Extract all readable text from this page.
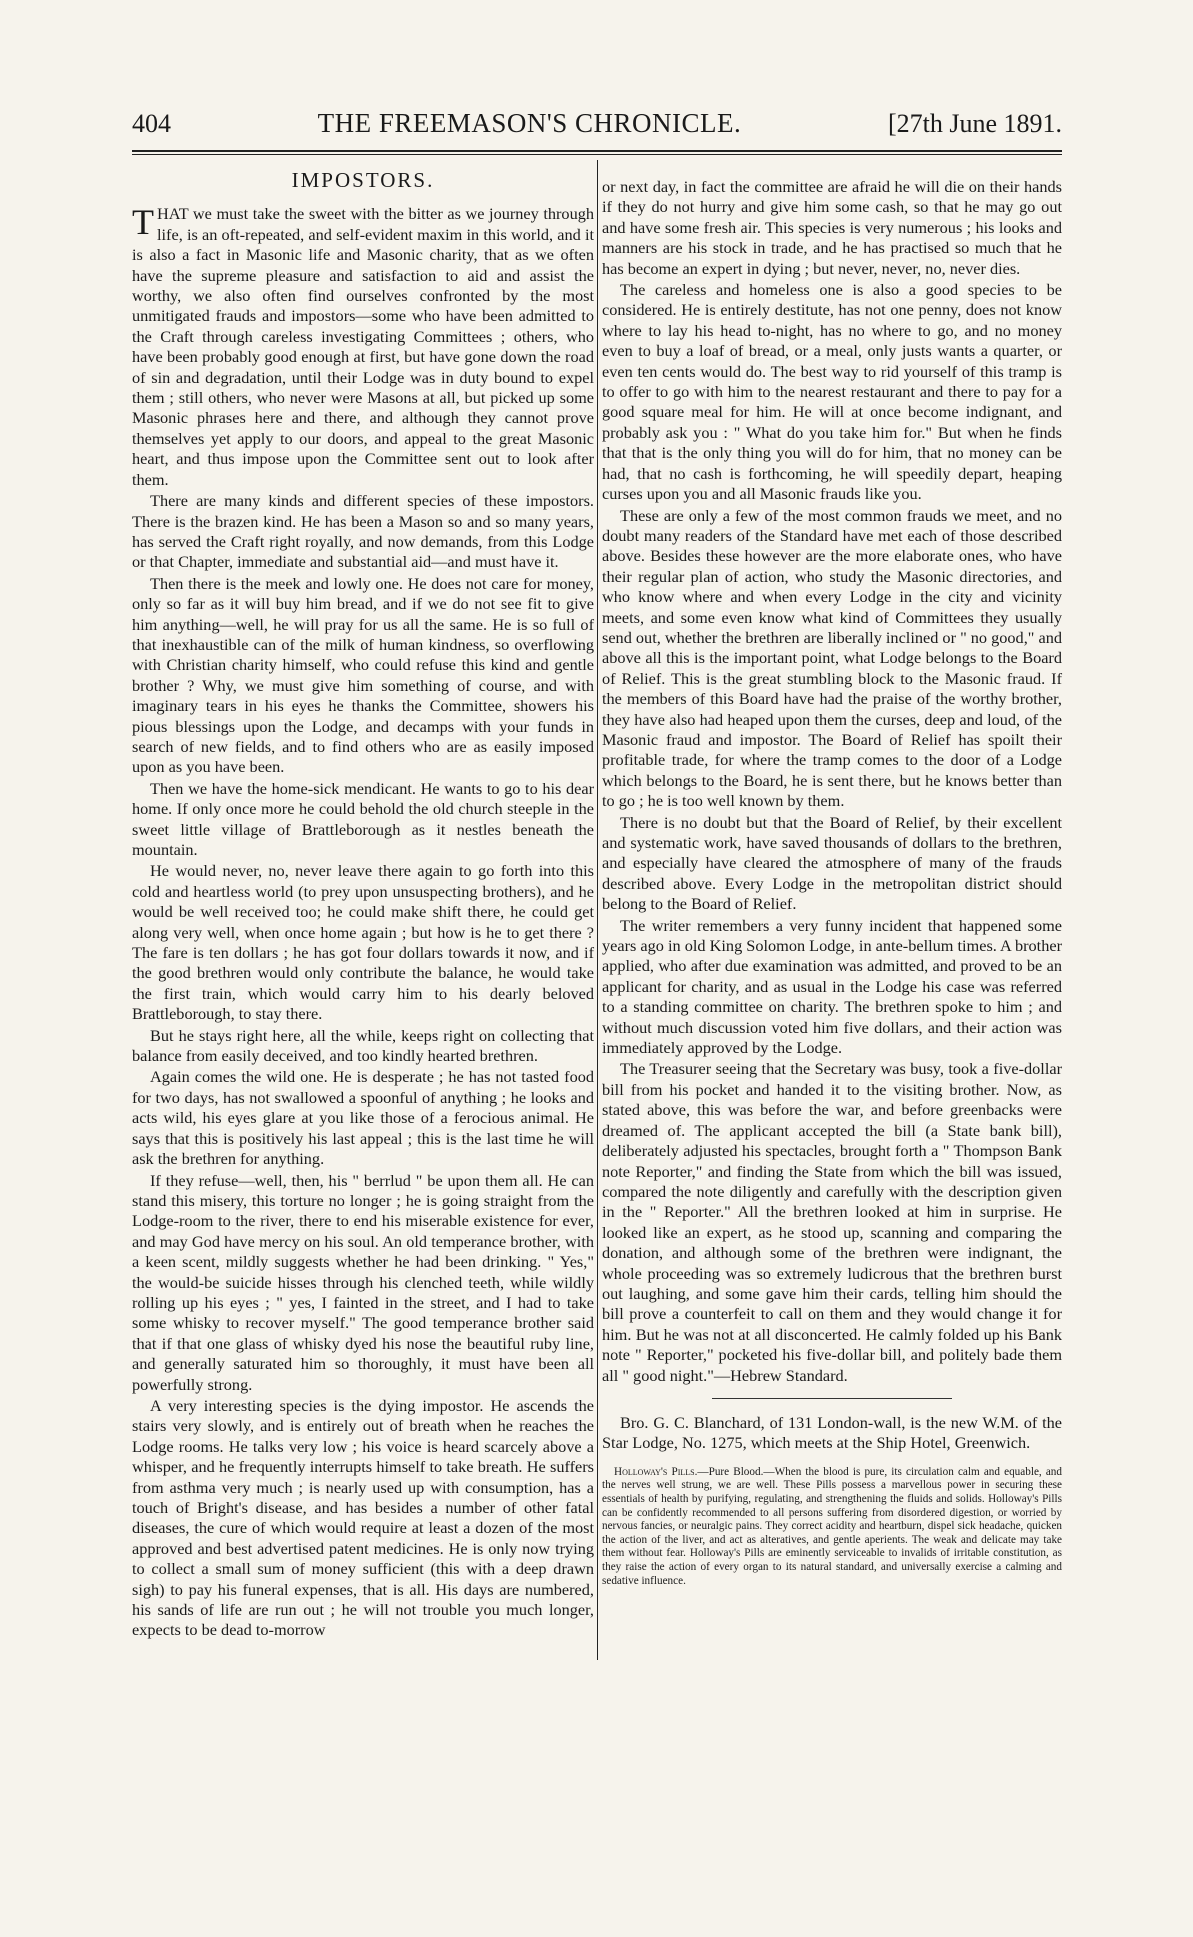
404	THE FREEMASON'S CHRONICLE.	[27th June 1891.
IMPOSTORS.

THAT we must take the sweet with the bitter as we journey through life, is an oft-repeated, and self-evident maxim in this world, and it is also a fact in Masonic life and Masonic charity, that as we often have the supreme pleasure and satisfaction to aid and assist the worthy, we also often find ourselves confronted by the most unmitigated frauds and impostors—some who have been admitted to the Craft through careless investigating Committees ; others, who have been probably good enough at first, but have gone down the road of sin and degradation, until their Lodge was in duty bound to expel them ; still others, who never were Masons at all, but picked up some Masonic phrases here and there, and although they cannot prove themselves yet apply to our doors, and appeal to the great Masonic heart, and thus impose upon the Committee sent out to look after them.

There are many kinds and different species of these impostors. There is the brazen kind. He has been a Mason so and so many years, has served the Craft right royally, and now demands, from this Lodge or that Chapter, immediate and substantial aid—and must have it.

Then there is the meek and lowly one. He does not care for money, only so far as it will buy him bread, and if we do not see fit to give him anything—well, he will pray for us all the same. He is so full of that inexhaustible can of the milk of human kindness, so overflowing with Christian charity himself, who could refuse this kind and gentle brother ? Why, we must give him something of course, and with imaginary tears in his eyes he thanks the Committee, showers his pious blessings upon the Lodge, and decamps with your funds in search of new fields, and to find others who are as easily imposed upon as you have been.

Then we have the home-sick mendicant. He wants to go to his dear home. If only once more he could behold the old church steeple in the sweet little village of Brattleborough as it nestles beneath the mountain.

He would never, no, never leave there again to go forth into this cold and heartless world (to prey upon unsuspecting brothers), and he would be well received too; he could make shift there, he could get along very well, when once home again ; but how is he to get there ? The fare is ten dollars ; he has got four dollars towards it now, and if the good brethren would only contribute the balance, he would take the first train, which would carry him to his dearly beloved Brattleborough, to stay there.

But he stays right here, all the while, keeps right on collecting that balance from easily deceived, and too kindly hearted brethren.

Again comes the wild one. He is desperate ; he has not tasted food for two days, has not swallowed a spoonful of anything ; he looks and acts wild, his eyes glare at you like those of a ferocious animal. He says that this is positively his last appeal ; this is the last time he will ask the brethren for anything.

If they refuse—well, then, his " berrlud " be upon them all. He can stand this misery, this torture no longer ; he is going straight from the Lodge-room to the river, there to end his miserable existence for ever, and may God have mercy on his soul. An old temperance brother, with a keen scent, mildly suggests whether he had been drinking. " Yes," the would-be suicide hisses through his clenched teeth, while wildly rolling up his eyes ; " yes, I fainted in the street, and I had to take some whisky to recover myself." The good temperance brother said that if that one glass of whisky dyed his nose the beautiful ruby line, and generally saturated him so thoroughly, it must have been all powerfully strong.

A very interesting species is the dying impostor. He ascends the stairs very slowly, and is entirely out of breath when he reaches the Lodge rooms. He talks very low ; his voice is heard scarcely above a whisper, and he frequently interrupts himself to take breath. He suffers from asthma very much ; is nearly used up with consumption, has a touch of Bright's disease, and has besides a number of other fatal diseases, the cure of which would require at least a dozen of the most approved and best advertised patent medicines. He is only now trying to collect a small sum of money sufficient (this with a deep drawn sigh) to pay his funeral expenses, that is all. His days are numbered, his sands of life are run out ; he will not trouble you much longer, expects to be dead to-morrow

or next day, in fact the committee are afraid he will die on their hands if they do not hurry and give him some cash, so that he may go out and have some fresh air. This species is very numerous ; his looks and manners are his stock in trade, and he has practised so much that he has become an expert in dying ; but never, never, no, never dies.

The careless and homeless one is also a good species to be considered. He is entirely destitute, has not one penny, does not know where to lay his head to-night, has no where to go, and no money even to buy a loaf of bread, or a meal, only justs wants a quarter, or even ten cents would do. The best way to rid yourself of this tramp is to offer to go with him to the nearest restaurant and there to pay for a good square meal for him. He will at once become indignant, and probably ask you : " What do you take him for." But when he finds that that is the only thing you will do for him, that no money can be had, that no cash is forthcoming, he will speedily depart, heaping curses upon you and all Masonic frauds like you.

These are only a few of the most common frauds we meet, and no doubt many readers of the Standard have met each of those described above. Besides these however are the more elaborate ones, who have their regular plan of action, who study the Masonic directories, and who know where and when every Lodge in the city and vicinity meets, and some even know what kind of Committees they usually send out, whether the brethren are liberally inclined or " no good," and above all this is the important point, what Lodge belongs to the Board of Relief. This is the great stumbling block to the Masonic fraud. If the members of this Board have had the praise of the worthy brother, they have also had heaped upon them the curses, deep and loud, of the Masonic fraud and impostor. The Board of Relief has spoilt their profitable trade, for where the tramp comes to the door of a Lodge which belongs to the Board, he is sent there, but he knows better than to go ; he is too well known by them.

There is no doubt but that the Board of Relief, by their excellent and systematic work, have saved thousands of dollars to the brethren, and especially have cleared the atmosphere of many of the frauds described above. Every Lodge in the metropolitan district should belong to the Board of Relief.

The writer remembers a very funny incident that happened some years ago in old King Solomon Lodge, in ante-bellum times. A brother applied, who after due examination was admitted, and proved to be an applicant for charity, and as usual in the Lodge his case was referred to a standing committee on charity. The brethren spoke to him ; and without much discussion voted him five dollars, and their action was immediately approved by the Lodge.

The Treasurer seeing that the Secretary was busy, took a five-dollar bill from his pocket and handed it to the visiting brother. Now, as stated above, this was before the war, and before greenbacks were dreamed of. The applicant accepted the bill (a State bank bill), deliberately adjusted his spectacles, brought forth a " Thompson Bank note Reporter," and finding the State from which the bill was issued, compared the note diligently and carefully with the description given in the " Reporter." All the brethren looked at him in surprise. He looked like an expert, as he stood up, scanning and comparing the donation, and although some of the brethren were indignant, the whole proceeding was so extremely ludicrous that the brethren burst out laughing, and some gave him their cards, telling him should the bill prove a counterfeit to call on them and they would change it for him. But he was not at all disconcerted. He calmly folded up his Bank note " Reporter," pocketed his five-dollar bill, and politely bade them all " good night."—Hebrew Standard.

Bro. G. C. Blanchard, of 131 London-wall, is the new W.M. of the Star Lodge, No. 1275, which meets at the Ship Hotel, Greenwich.

Holloway's Pills.—Pure Blood.—When the blood is pure, its circulation calm and equable, and the nerves well strung, we are well. These Pills possess a marvellous power in securing these essentials of health by purifying, regulating, and strengthening the fluids and solids. Holloway's Pills can be confidently recommended to all persons suffering from disordered digestion, or worried by nervous fancies, or neuralgic pains. They correct acidity and heartburn, dispel sick headache, quicken the action of the liver, and act as alteratives, and gentle aperients. The weak and delicate may take them without fear. Holloway's Pills are eminently serviceable to invalids of irritable constitution, as they raise the action of every organ to its natural standard, and universally exercise a calming and sedative influence.
